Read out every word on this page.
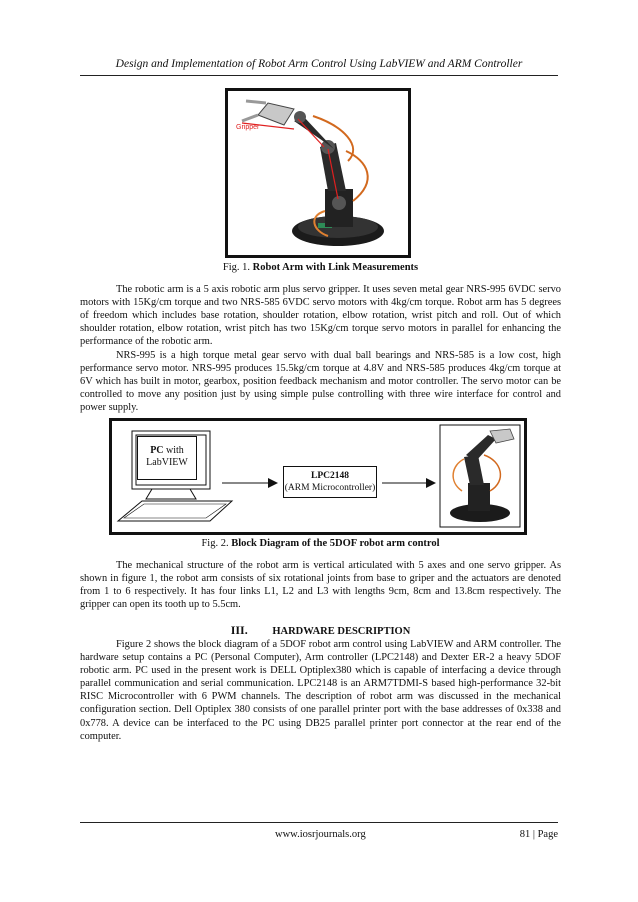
Design and Implementation of Robot Arm Control Using LabVIEW and ARM Controller
Gripper
Fig. 1. Robot Arm with Link Measurements

The robotic arm is a 5 axis robotic arm plus servo gripper. It uses seven metal gear NRS-995 6VDC servo motors with 15Kg/cm torque and two NRS-585 6VDC servo motors with 4kg/cm torque. Robot arm has 5 degrees of freedom which includes base rotation, shoulder rotation, elbow rotation, wrist pitch and roll. Out of which shoulder rotation, elbow rotation, wrist pitch has two 15Kg/cm torque servo motors in parallel for enhancing the performance of the robotic arm.

NRS-995 is a high torque metal gear servo with dual ball bearings and NRS-585 is a low cost, high performance servo motor. NRS-995 produces 15.5kg/cm torque at 4.8V and NRS-585 produces 4kg/cm torque at 6V which has built in motor, gearbox, position feedback mechanism and motor controller. The servo motor can be controlled to move any position just by using simple pulse controlling with three wire interface for control and power supply.

PC with
LabVIEW
LPC2148
(ARM Microcontroller)
Fig. 2. Block Diagram of the 5DOF robot arm control

The mechanical structure of the robot arm is vertical articulated with 5 axes and one servo gripper. As shown in figure 1, the robot arm consists of six rotational joints from base to griper and the actuators are denoted from 1 to 6 respectively. It has four links L1, L2 and L3 with lengths 9cm, 8cm and 13.8cm respectively. The gripper can open its tooth up to 5.5cm.

III. HARDWARE DESCRIPTION

Figure 2 shows the block diagram of a 5DOF robot arm control using LabVIEW and ARM controller. The hardware setup contains a PC (Personal Computer), Arm controller (LPC2148) and Dexter ER-2 a heavy 5DOF robotic arm. PC used in the present work is DELL Optiplex380 which is capable of interfacing a device through parallel communication and serial communication. LPC2148 is an ARM7TDMI-S based high-performance 32-bit RISC Microcontroller with 6 PWM channels. The description of robot arm was discussed in the mechanical configuration section. Dell Optiplex 380 consists of one parallel printer port with the base addresses of 0x338 and 0x778. A device can be interfaced to the PC using DB25 parallel printer port connector at the rear end of the computer.

www.iosrjournals.org	81 | Page
